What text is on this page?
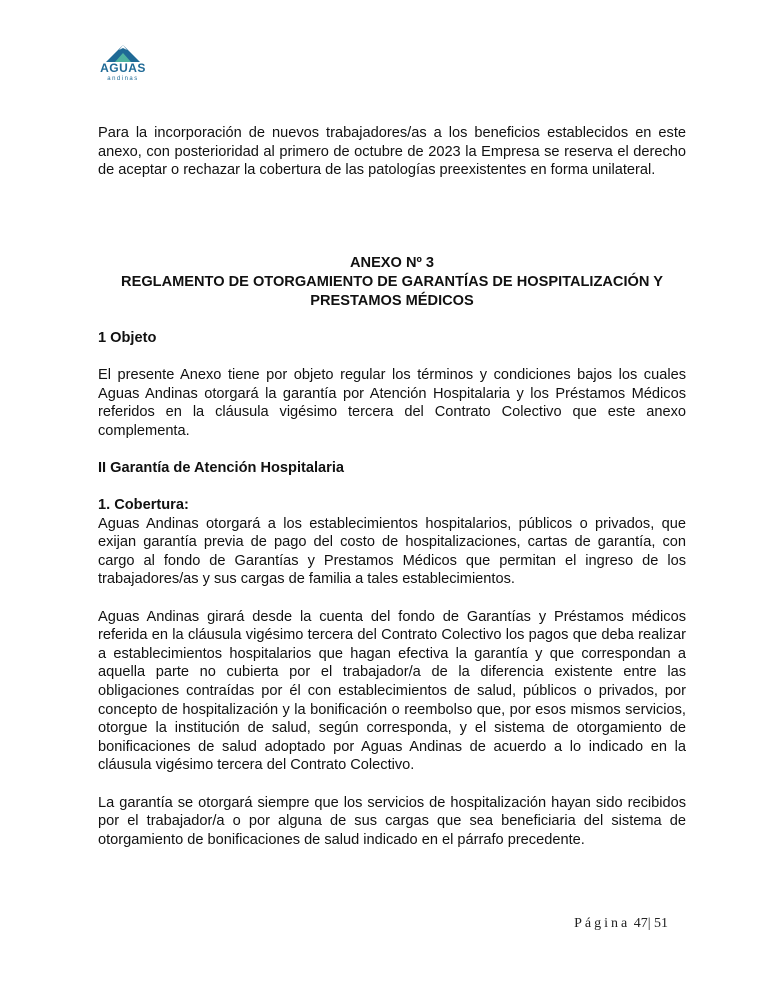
AGUAS
andinas

Para la incorporación de nuevos trabajadores/as a los beneficios establecidos en este anexo, con posterioridad al primero de octubre de 2023 la Empresa se reserva el derecho de aceptar o rechazar la cobertura de las patologías preexistentes en forma unilateral.

ANEXO Nº 3
REGLAMENTO DE OTORGAMIENTO DE GARANTÍAS DE HOSPITALIZACIÓN Y PRESTAMOS MÉDICOS
1 Objeto

El presente Anexo tiene por objeto regular los términos y condiciones bajos los cuales Aguas Andinas otorgará la garantía por Atención Hospitalaria y los Préstamos Médicos referidos en la cláusula vigésimo tercera del Contrato Colectivo que este anexo complementa.

II Garantía de Atención Hospitalaria
1. Cobertura:

Aguas Andinas otorgará a los establecimientos hospitalarios, públicos o privados, que exijan garantía previa de pago del costo de hospitalizaciones, cartas de garantía, con cargo al fondo de Garantías y Prestamos Médicos que permitan el ingreso de los trabajadores/as y sus cargas de familia a tales establecimientos.

Aguas Andinas girará desde la cuenta del fondo de Garantías y Préstamos médicos referida en la cláusula vigésimo tercera del Contrato Colectivo los pagos que deba realizar a establecimientos hospitalarios que hagan efectiva la garantía y que correspondan a aquella parte no cubierta por el trabajador/a de la diferencia existente entre las obligaciones contraídas por él con establecimientos de salud, públicos o privados, por concepto de hospitalización y la bonificación o reembolso que, por esos mismos servicios, otorgue la institución de salud, según corresponda, y el sistema de otorgamiento de bonificaciones de salud adoptado por Aguas Andinas de acuerdo a lo indicado en la cláusula vigésimo tercera del Contrato Colectivo.

La garantía se otorgará siempre que los servicios de hospitalización hayan sido recibidos por el trabajador/a o por alguna de sus cargas que sea beneficiaria del sistema de otorgamiento de bonificaciones de salud indicado en el párrafo precedente.

Página 47| 51
